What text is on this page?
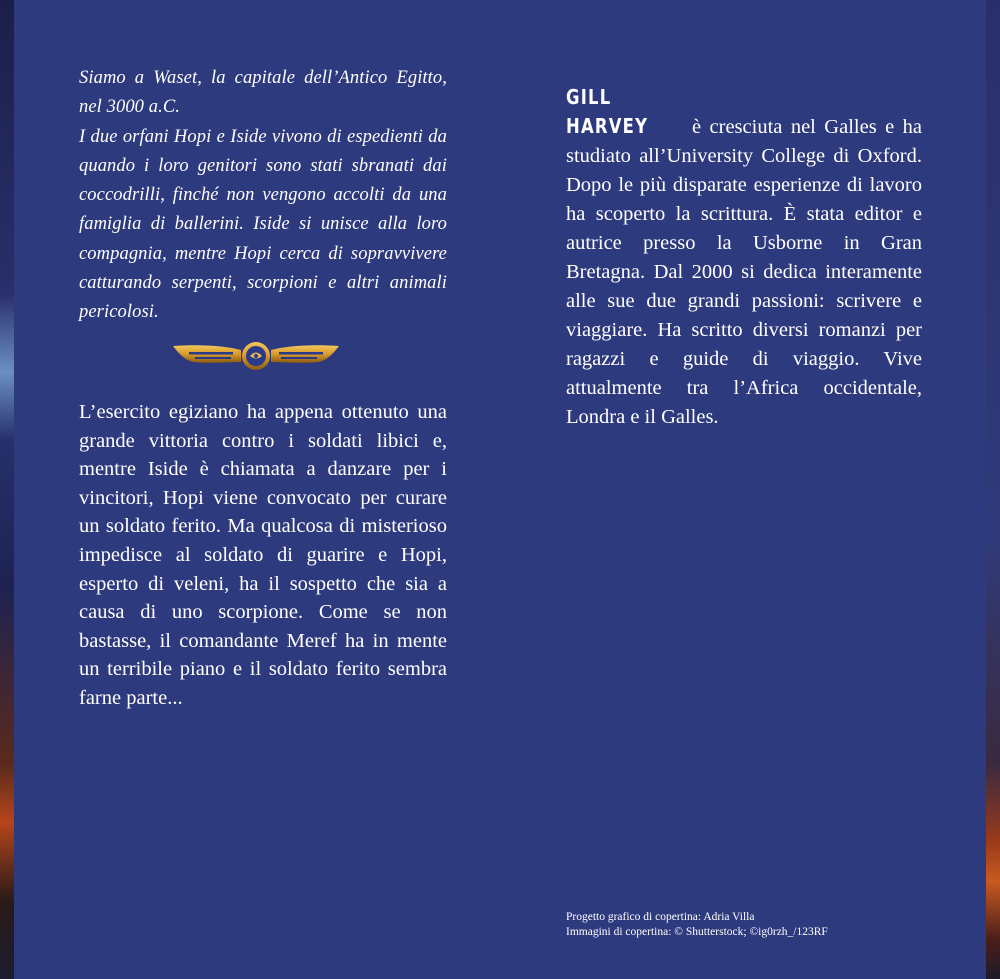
Siamo a Waset, la capitale dell’Antico Egitto, nel 3000 a.C.

I due orfani Hopi e Iside vivono di espedienti da quando i loro genitori sono stati sbranati dai coccodrilli, finché non vengono accolti da una famiglia di ballerini. Iside si unisce alla loro compagnia, mentre Hopi cerca di sopravvivere catturando serpenti, scorpioni e altri animali pericolosi.

L’esercito egiziano ha appena ottenuto una grande vittoria contro i soldati libici e, mentre Iside è chiamata a danzare per i vincitori, Hopi viene convocato per curare un soldato ferito. Ma qualcosa di misterioso impedisce al soldato di guarire e Hopi, esperto di veleni, ha il sospetto che sia a causa di uno scorpione. Come se non bastasse, il comandante Meref ha in mente un terribile piano e il soldato ferito sembra farne parte...

GILL HARVEY è cresciuta nel Galles e ha studiato all’University College di Oxford. Dopo le più disparate esperienze di lavoro ha scoperto la scrittura. È stata editor e autrice presso la Usborne in Gran Bretagna. Dal 2000 si dedica interamente alle sue due grandi passioni: scrivere e viaggiare. Ha scritto diversi romanzi per ragazzi e guide di viaggio. Vive attualmente tra l’Africa occidentale, Londra e il Galles.

Progetto grafico di copertina: Adria Villa
Immagini di copertina: © Shutterstock; ©ig0rzh_/123RF
